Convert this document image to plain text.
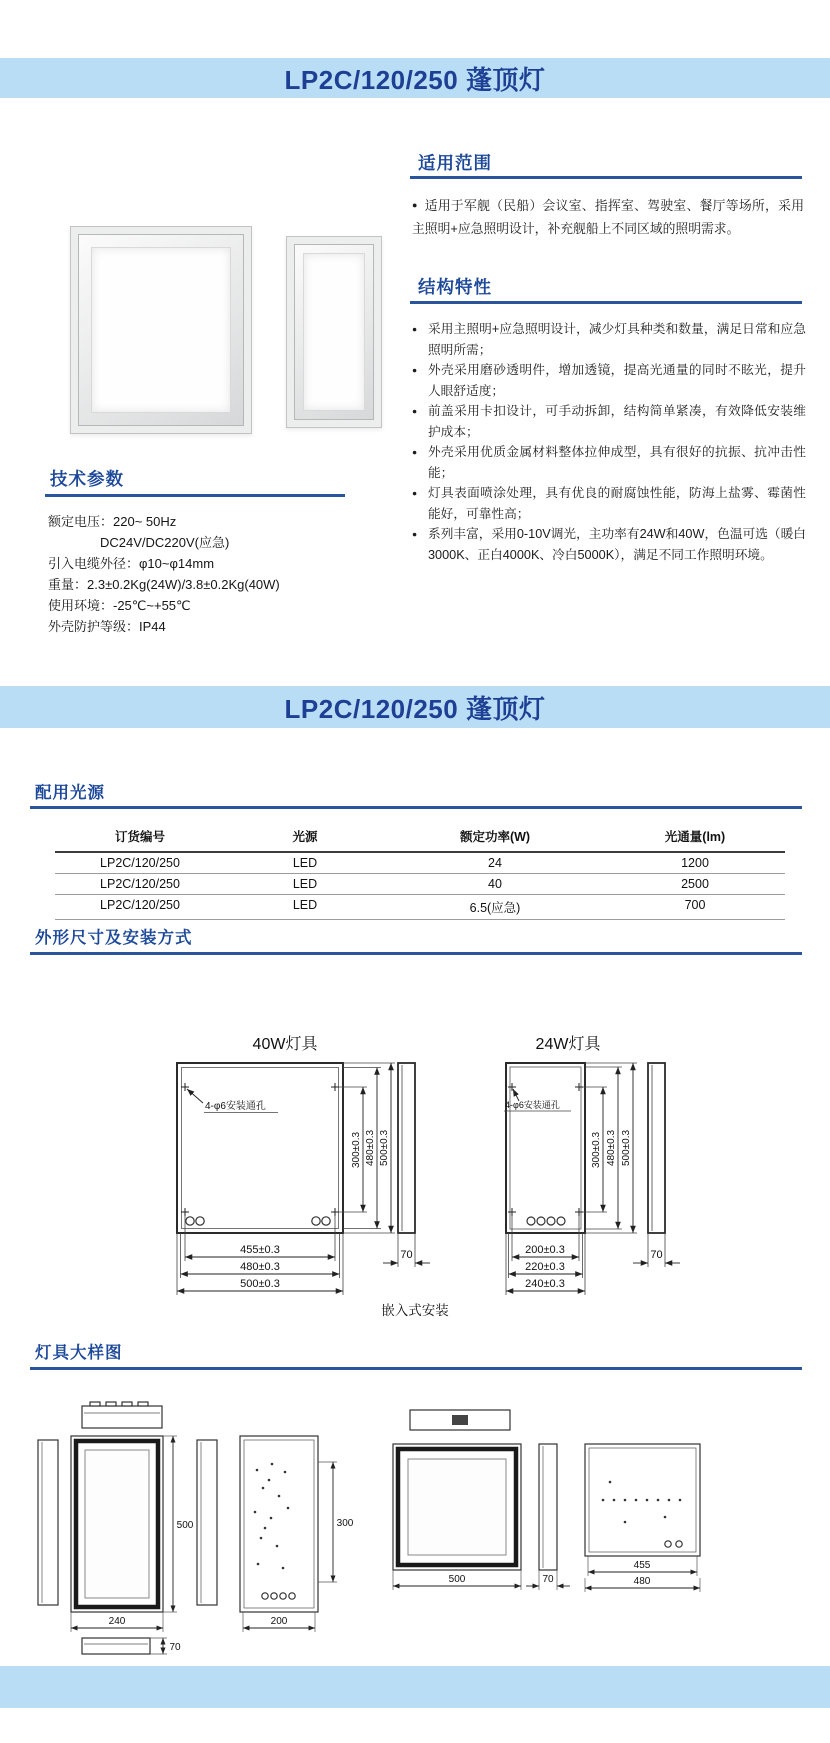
LP2C/120/250 蓬顶灯
适用范围
● 适用于军舰（民船）会议室、指挥室、驾驶室、餐厅等场所，采用主照明+应急照明设计，补充舰船上不同区域的照明需求。
结构特性
● 采用主照明+应急照明设计，减少灯具种类和数量，满足日常和应急照明所需；
● 外壳采用磨砂透明件，增加透镜，提高光通量的同时不眩光，提升人眼舒适度；
● 前盖采用卡扣设计，可手动拆卸，结构简单紧凑，有效降低安装维护成本；
● 外壳采用优质金属材料整体拉伸成型，具有很好的抗振、抗冲击性能；
● 灯具表面喷涂处理，具有优良的耐腐蚀性能，防海上盐雾、霉菌性能好，可靠性高；
● 系列丰富，采用0-10V调光，主功率有24W和40W，色温可选（暖白3000K、正白4000K、冷白5000K），满足不同工作照明环境。
技术参数
额定电压：220~ 50Hz
DC24V/DC220V(应急)
引入电缆外径：φ10~φ14mm
重量：2.3±0.2Kg(24W)/3.8±0.2Kg(40W)
使用环境：-25℃~+55℃
外壳防护等级：IP44
LP2C/120/250 蓬顶灯
配用光源
订货编号	光源	额定功率(W)	光通量(lm)
LP2C/120/250	LED	24	1200
LP2C/120/250	LED	40	2500
LP2C/120/250	LED	6.5(应急)	700
外形尺寸及安装方式
40W灯具
4-φ6安装通孔
455±0.3
480±0.3
500±0.3
300±0.3 480±0.3 500±0.3
70
24W灯具
4-φ6安装通孔
200±0.3
220±0.3
240±0.3
300±0.3 480±0.3 500±0.3
70
嵌入式安装
灯具大样图
500
240
70
300
200
500	70
455
480
